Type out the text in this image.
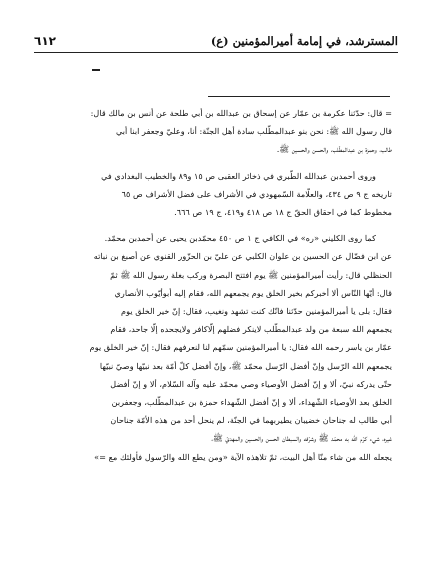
المسترشد، في إمامة أميرالمؤمنين (ع)
٦١٢

= قال: حدّثنا عكرمة بن عمّار عن إسحاق بن عبدالله بن أبي طلحة عن أنس بن مالك قال:

قال رسول الله ﷺ: نحن بنو عبدالمطّلب سادة أهل الجنّة: أنا، وعليّ وجعفر ابنا أبي

طالب، وحمزة بن عبدالمطّلب، والحسن والحسين ﷺ.

وروى أحمدبن عبدالله الطّبري في ذخائر العقبى ص ١٥ و٨٩ والخطيب البغدادي في

تاريخه ج ٩ ص ٤٣٤، والعلّامة السّمهودي في الأشراف على فضل الأشراف ص ٦٥

مخطوط كما في احقاق الحقّ ج ١٨ ص ٤١٨ و٤١٩، ج ١٩ ص ٦٦٦.

كما روى الكليني «ره» في الكافي ج ١ ص ٤٥٠ محمّدبن يحيى عن أحمدبن محمّد.

عن ابن فضّال عن الحسين بن علوان الكلبي عن عليّ بن الحزّور القنوي عن أصبغ بن نباته

الحنظلي قال: رأيت أميرالمؤمنين ﷺ يوم افتتح البصرة وركب بغلة رسول الله ﷺ ثمّ

قال: أيّها النّاس ألا أخبركم بخير الخلق يوم يجمعهم الله، فقام إليه أبوأيّوب الأنصاري

فقال: بلى يا أميرالمؤمنين حدّثنا فانّك كنت تشهد ونغيب، فقال: إنّ خير الخلق يوم

يجمعهم الله سبعة من ولد عبدالمطّلب لاينكر فضلهم إلّاكافر ولايجحده إلّا جاحد، فقام

عمّار بن ياسر رحمه الله فقال: يا أميرالمؤمنين سمّهم لنا لنعرفهم فقال: إنّ خير الخلق يوم

يجمعهم الله الرّسل وإنّ أفضل الرّسل محمّد ﷺ، وإنّ أفضل كلّ أمّة بعد نبيّها وصيّ نبيّها

حتّى يدركه نبيّ، ألا و إنّ أفضل الأوصياء وصي محمّد عليه وآله السّلام، ألا و إنّ أفضل

الخلق بعد الأوصياء الشّهداء، ألا و إنّ أفضل الشّهداء حمزة بن عبدالمطّلب، وجعفربن

أبي طالب له جناحان خضيبان يطيربهما في الجنّة، لم ينحل أحد من هذه الأمّة جناحان

غيره، شيء كرّم الله به محمّد ﷺ وشرّفه والسبطان الحسن والحسين والمهديّ ﷺ،

يجعله الله من شاء منّا أهل البيت، ثمّ تلاهذه الآية «ومن يطع الله والرّسول فأولئك مع =»
